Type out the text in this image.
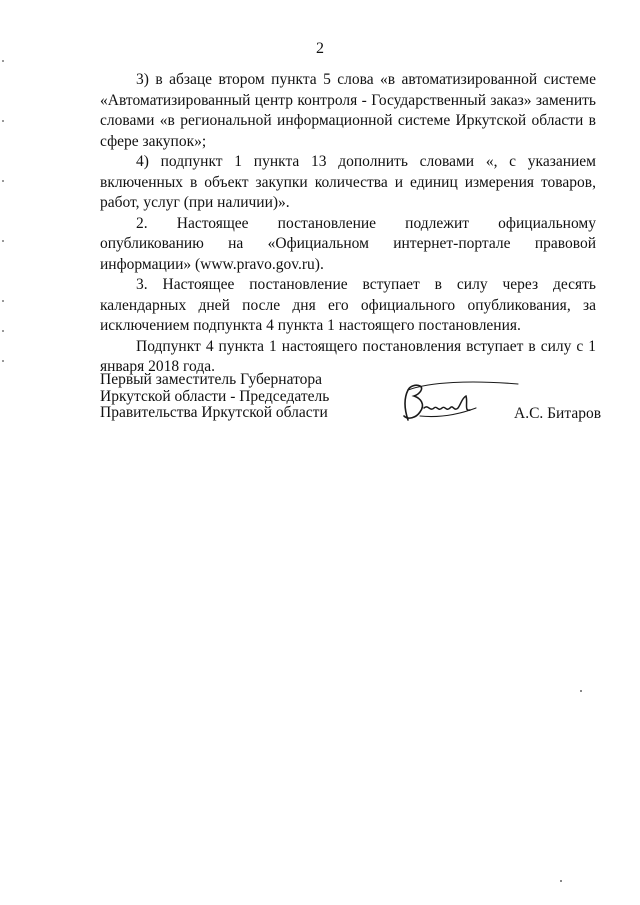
2

3) в абзаце втором пункта 5 слова «в автоматизированной системе «Автоматизированный центр контроля - Государственный заказ» заменить словами «в региональной информационной системе Иркутской области в сфере закупок»;

4) подпункт 1 пункта 13 дополнить словами «, с указанием включенных в объект закупки количества и единиц измерения товаров, работ, услуг (при наличии)».

2. Настоящее постановление подлежит официальному опубликованию на «Официальном интернет-портале правовой информации» (www.pravo.gov.ru).

3. Настоящее постановление вступает в силу через десять календарных дней после дня его официального опубликования, за исключением подпункта 4 пункта 1 настоящего постановления.

Подпункт 4 пункта 1 настоящего постановления вступает в силу с 1 января 2018 года.

Первый заместитель Губернатора
Иркутской области - Председатель
Правительства Иркутской области	А.С. Битаров
